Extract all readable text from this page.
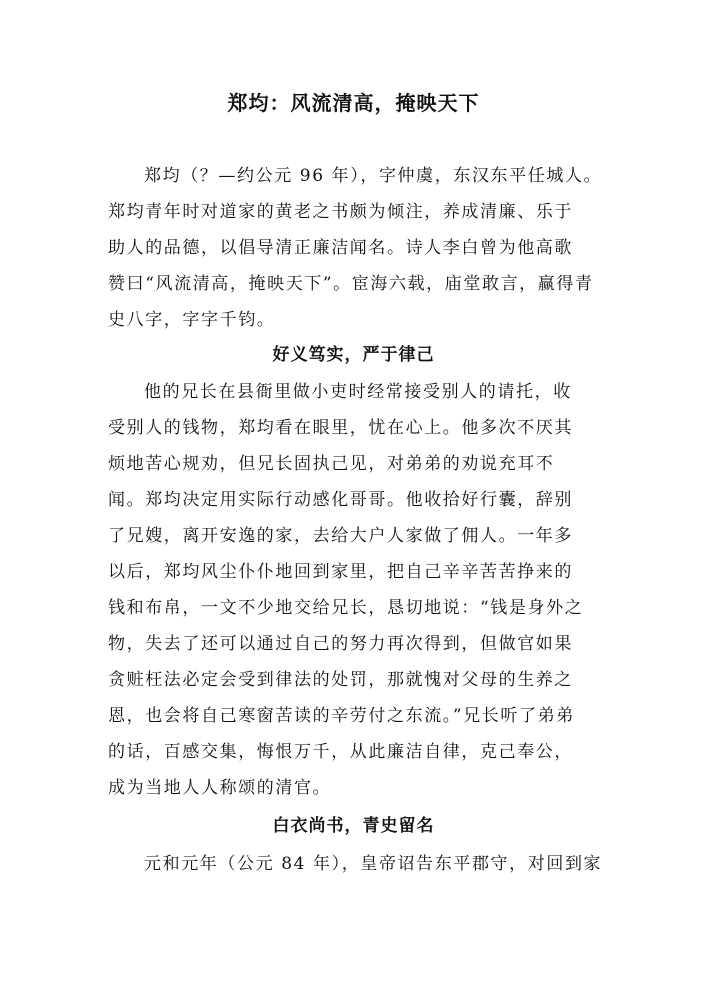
郑均：风流清高，掩映天下
郑均（？—约公元 96 年），字仲虞，东汉东平任城人。
郑均青年时对道家的黄老之书颇为倾注，养成清廉、乐于
助人的品德，以倡导清正廉洁闻名。诗人李白曾为他高歌
赞曰“风流清高，掩映天下”。宦海六载，庙堂敢言，赢得青
史八字，字字千钧。
好义笃实，严于律己
他的兄长在县衙里做小吏时经常接受别人的请托，收
受别人的钱物，郑均看在眼里，忧在心上。他多次不厌其
烦地苦心规劝，但兄长固执己见，对弟弟的劝说充耳不
闻。郑均决定用实际行动感化哥哥。他收拾好行囊，辞别
了兄嫂，离开安逸的家，去给大户人家做了佣人。一年多
以后，郑均风尘仆仆地回到家里，把自己辛辛苦苦挣来的
钱和布帛，一文不少地交给兄长，恳切地说：“钱是身外之
物，失去了还可以通过自己的努力再次得到，但做官如果
贪赃枉法必定会受到律法的处罚，那就愧对父母的生养之
恩，也会将自己寒窗苦读的辛劳付之东流。”兄长听了弟弟
的话，百感交集，悔恨万千，从此廉洁自律，克己奉公，
成为当地人人称颂的清官。
白衣尚书，青史留名
元和元年（公元 84 年），皇帝诏告东平郡守，对回到家
